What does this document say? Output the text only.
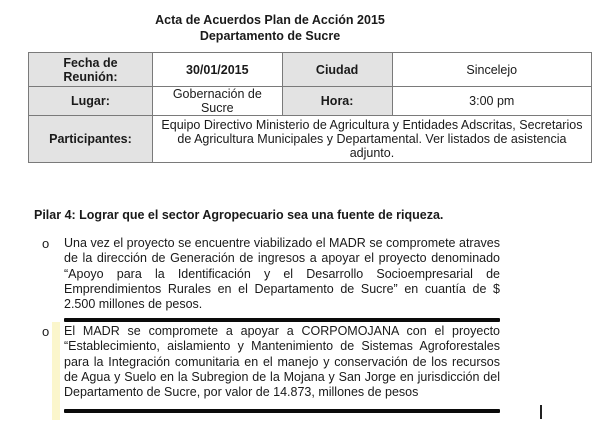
Acta de Acuerdos Plan de Acción 2015
Departamento de Sucre
Fecha de Reunión:	30/01/2015	Ciudad	Sincelejo
Lugar:	Gobernación de Sucre	Hora:	3:00 pm
Participantes:	Equipo Directivo Ministerio de Agricultura y Entidades Adscritas, Secretarios de Agricultura Municipales y Departamental. Ver listados de asistencia adjunto.		
Pilar 4: Lograr que el sector Agropecuario sea una fuente de riqueza.
o Una vez el proyecto se encuentre viabilizado el MADR se compromete atraves de la dirección de Generación de ingresos a apoyar el proyecto denominado “Apoyo para la Identificación y el Desarrollo Socioempresarial de Emprendimientos Rurales en el Departamento de Sucre” en cuantía de $ 2.500 millones de pesos.
o El MADR se compromete a apoyar a CORPOMOJANA con el proyecto “Establecimiento, aislamiento y Mantenimiento de Sistemas Agroforestales para la Integración comunitaria en el manejo y conservación de los recursos de Agua y Suelo en la Subregion de la Mojana y San Jorge en jurisdicción del Departamento de Sucre, por valor de 14.873, millones de pesos
